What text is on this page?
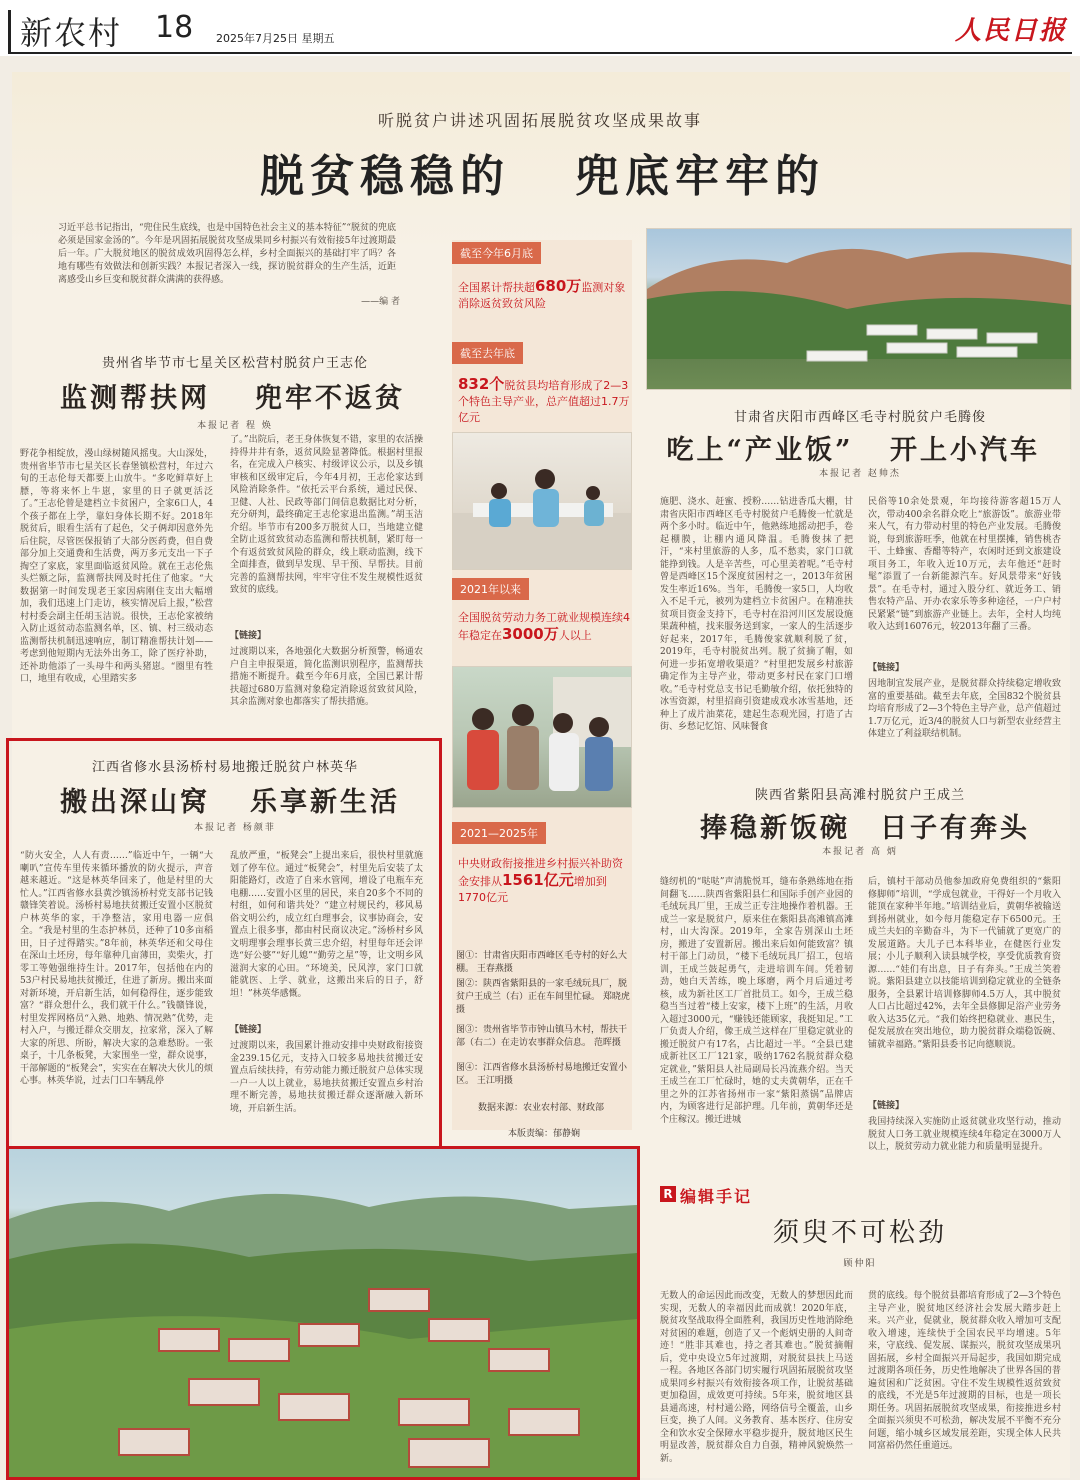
新农村 18 2025年7月25日 星期五	人民日报
听脱贫户讲述巩固拓展脱贫攻坚成果故事
脱贫稳稳的	兜底牢牢的
习近平总书记指出，“兜住民生底线，也是中国特色社会主义的基本特征”“脱贫的兜底必须是国家金汤的”。今年是巩固拓展脱贫攻坚成果同乡村振兴有效衔接5年过渡期最后一年。广大脱贫地区的脱贫成效巩固得怎么样，乡村全面振兴的基础打牢了吗？各地有哪些有效做法和创新实践？本报记者深入一线，探访脱贫群众的生产生活，近距离感受山乡巨变和脱贫群众满满的获得感。
——编 者
贵州省毕节市七星关区松营村脱贫户王志伦
监测帮扶网	兜牢不返贫
本报记者 程 焕
野花争相绽放，漫山绿树随风摇曳。大山深处，贵州省毕节市七星关区长春堡镇松营村，年过六旬的王志伦每天都要上山放牛。“多吃鲜草好上膘，等将来怀上牛崽，家里的日子就更活泛了。”王志伦曾是建档立卡贫困户，全家6口人，4个孩子都在上学，靠妇身体长期不好。2018年脱贫后，眼看生活有了起色，父子俩却因意外先后住院，尽管医保报销了大部分医药费，但自费部分加上交通费和生活费，两万多元支出一下子掏空了家底，家里面临返贫风险。就在王志伦焦头烂额之际，监测帮扶网及时托住了他家。“大数据第一时间发现老王家因病刚住支出大幅增加，我们迅速上门走访，核实情况后上报，”松营村村委会副主任胡玉洁说。很快，王志伦家被纳入防止返贫动态监测名单，区、镇、村三级动态监测帮扶机制迅速响应，制订精准帮扶计划——考虑到他短期内无法外出务工，除了医疗补助，还补助他添了一头母牛和两头猪崽。“圈里有牲口，地里有收成，心里踏实多
了。”出院后，老王身体恢复不错，家里的农活操持得井井有条，返贫风险显著降低。根据村里报名，在完成入户核实、村级评议公示，以及乡镇审核和区级审定后，今年4月初，王志伦家达到风险消除条件。“依托云平台系统，通过民保、卫健、人社、民政等部门间信息数据比对分析，充分研判，最终确定王志伦家退出监测。”胡玉洁介绍。毕节市有200多万脱贫人口，当地建立健全防止返贫致贫动态监测和帮扶机制，紧盯每一个有返贫致贫风险的群众，线上联动监测，线下全面排查，做到早发现、早干预、早帮扶。目前完善的监测帮扶网，牢牢守住不发生规模性返贫致贫的底线。
【链接】
过渡期以来，各地强化大数据分析预警，畅通农户自主申报渠道，简化监测识别程序，监测帮扶措施不断提升。截至今年6月底，全国已累计帮扶超过680万监测对象稳定消除返贫致贫风险，其余监测对象也都落实了帮扶措施。
江西省修水县汤桥村易地搬迁脱贫户林英华
搬出深山窝	乐享新生活
本报记者 杨颜菲
“防火安全，人人有责……”临近中午，一辆“大喇叭”宣传车里传来循环播放的防火提示，声音越来越近。“这是林英华回来了，他是村里的大忙人。”江西省修水县黄沙镇汤桥村党支部书记钱赣锋笑着说。汤桥村易地扶贫搬迁安置小区脱贫户林英华的家，干净整洁，家用电器一应俱全。“我是村里的生态护林员，还种了10多亩稻田，日子过得踏实。”8年前，林英华还和父母住在深山土坯房，每年靠种几亩薄田，卖柴火，打零工等勉强维持生计。2017年，包括他在内的53户村民易地扶贫搬迁，住进了新房。搬出来面对新环境，开启新生活，如何稳得住，逐步能致富？“群众想什么，我们就干什么。”钱赣锋说，村里发挥网格员“入熟、地熟、情况熟”优势，走村入户，与搬迁群众交朋友，拉家常，深入了解大家的所思、所盼，解决大家的急难愁盼。一张桌子，十几条板凳，大家围坐一堂，群众说事，干部解题的“板凳会”，实实在在解决大伙儿的烦心事。林英华说，过去门口车辆乱停
乱放严重，“板凳会”上提出来后，很快村里就施划了停车位。通过“板凳会”，村里先后安装了太阳能路灯，改造了自来水管网，增设了电瓶车充电棚……安置小区里的居民，来自20多个不同的村组，如何和谐共处？“建立村规民约，移风易俗文明公约，成立红白理事会，议事协商会，安置点上很多事，都由村民商议决定。”汤桥村乡风文明理事会理事长黄三忠介绍，村里每年还会评选“好公婆”“好儿媳”“勤劳之星”等，让文明乡风滋润大家的心田。“环境美，民风淳，家门口就能就医、上学、就业，这搬出来后的日子，舒坦！”林英华感慨。
【链接】
过渡期以来，我国累计推动安排中央财政衔接资金239.15亿元，支持入口较多易地扶贫搬迁安置点后续扶持，有劳动能力搬迁脱贫户总体实现一户一人以上就业，易地扶贫搬迁安置点乡村治理不断完善，易地扶贫搬迁群众逐渐融入新环境，开启新生活。
截至今年6月底
全国累计帮扶超680万监测对象消除返贫致贫风险
截至去年底
832个脱贫县均培育形成了2—3个特色主导产业，总产值超过1.7万亿元
2021年以来
全国脱贫劳动力务工就业规模连续4年稳定在3000万人以上
2021—2025年
中央财政衔接推进乡村振兴补助资金安排从1561亿元增加到1770亿元
图①：甘肃省庆阳市西峰区毛寺村的好么大棚。 王春燕摄
图②：陕西省紫阳县的一家毛绒玩具厂，脱贫户王成兰（右）正在车间里忙碌。 郑晓虎摄
图③：贵州省毕节市钟山镇马木村，帮扶干部（右二）在走访农事群众信息。 范晖摄
图④：江西省修水县汤桥村易地搬迁安置小区。 王江明摄
数据来源：农业农村部、财政部
本版责编：郁静娴
甘肃省庆阳市西峰区毛寺村脱贫户毛腾俊
吃上“产业饭”	开上小汽车
本报记者 赵帅杰
施肥、浇水、赶蜜、授粉……钻进香瓜大棚，甘肃省庆阳市西峰区毛寺村脱贫户毛腾俊一忙就是两个多小时。临近中午，他熟练地摇动把手，卷起棚膜，让棚内通风降温。毛腾俊抹了把汗，“来村里旅游的人多，瓜不愁卖，家门口就能挣到钱。人是辛苦些，可心里美着呢。”毛寺村曾是西峰区15个深度贫困村之一，2013年贫困发生率近16%。当年，毛腾俊一家5口，人均收入不足千元，被列为建档立卡贫困户。在精准扶贫项目资金支持下，毛寺村在沿河川区发展设施果蔬种植，找来服务送到家，一家人的生活逐步好起来，2017年，毛腾俊家就顺利脱了贫，2019年，毛寺村脱贫出列。脱了贫摘了帽，如何进一步拓宽增收渠道？“村里把发展乡村旅游确定作为主导产业，带动更多村民在家门口增收。”毛寺村党总支书记毛勤敏介绍，依托独特的冰雪资源，村里招商引资建成戏水冰雪基地，还种上了成片油菜花，建起生态观光园，打造了古街、乡愁记忆馆、风味餐食
民俗等10余处景观，年均接待游客超15万人次，带动400余名群众吃上“旅游饭”。旅游业带来人气，有力带动村里的特色产业发展。毛腾俊说，每到旅游旺季，他就在村里摆摊，销售桃杏干、土蜂蜜、香醋等特产，农闲时还到文旅建设项目务工，年收入近10万元，去年他还“赶时髦”添置了一台新能源汽车。好风景带来“好钱景”。在毛寺村，通过入股分红、就近务工、销售农特产品、开办农家乐等多种途径，一户户村民紧紧“链”到旅游产业链上。去年，全村人均纯收入达到16076元，较2013年翻了三番。
【链接】
因地制宜发展产业，是脱贫群众持续稳定增收致富的重要基础。截至去年底，全国832个脱贫县均培育形成了2—3个特色主导产业，总产值超过1.7万亿元，近3/4的脱贫人口与新型农业经营主体建立了利益联结机制。
陕西省紫阳县高滩村脱贫户王成兰
捧稳新饭碗	日子有奔头
本报记者 高 炳
缝纫机的“哒哒”声清脆悦耳，缝布条熟练地在指间翻飞……陕西省紫阳县仁和国际手创产业园的毛绒玩具厂里，王成兰正专注地操作着机器。王成兰一家是脱贫户，原来住在紫阳县高滩镇高滩村，山大沟深。2019年，全家告别深山土坯房，搬进了安置新居。搬出来后如何能致富？镇村干部上门动员，“楼下毛绒玩具厂招工，包培训，王成兰鼓起勇气，走进培训车间。凭着韧劲，她白天苦练，晚上琢磨，两个月后通过考核，成为新社区工厂首批员工。如今，王成兰稳稳当当过着“楼上安家，楼下上班”的生活，月收入超过3000元，“赚钱还能顾家，我挺知足。”工厂负责人介绍，像王成兰这样在厂里稳定就业的搬迁脱贫户有17名，占比超过一半。“全县已建成新社区工厂121家，吸纳1762名脱贫群众稳定就业，”紫阳县人社局副局长冯流燕介绍。当天王成兰在工厂忙碌时，她的丈夫黄朝华，正在千里之外的江苏省扬州市一家“紫阳蒸锅”品牌店内，为顾客进行足部护理。几年前，黄朝华还是个庄稼汉。搬迁进城
后，镇村干部动员他参加政府免费组织的“紫阳修脚师”培训，“学成包就业，干得好一个月收入能顶在家种半年地。”培训结业后，黄朝华被输送到扬州就业，如今每月能稳定存下6500元。王成兰夫妇的辛勤奋斗，为下一代铺就了更宽广的发展道路。大儿子已本科毕业，在健医行业发展；小儿子顺利入读县城学校，享受优质教育资源……“娃们有出息，日子有奔头。”王成兰笑着说。紫阳县建立以技能培训到稳定就业的全链条服务，全县累计培训修脚师4.5万人，其中脱贫人口占比超过42%，去年全县修脚足浴产业劳务收入达35亿元。“我们始终把稳就业、惠民生，促发展放在突出地位，助力脱贫群众端稳饭碗、铺就幸福路。”紫阳县委书记向德顺说。
【链接】
我国持续深入实施防止返贫就业攻坚行动，推动脱贫人口务工就业规模连续4年稳定在3000万人以上，脱贫劳动力就业能力和质量明显提升。
R 编辑手记
须臾不可松劲
顾仲阳
无数人的命运因此而改变，无数人的梦想因此而实现，无数人的幸福因此而成就！2020年底，脱贫攻坚战取得全面胜利，我国历史性地消除绝对贫困的难题，创造了又一个彪炳史册的人间奇迹！“胜非其难也，持之者其难也。”脱贫摘帽后，党中央设立5年过渡期，对脱贫县扶上马送一程。各地区各部门切实履行巩固拓展脱贫攻坚成果同乡村振兴有效衔接各项工作，让脱贫基础更加稳固，成效更可持续。5年来，脱贫地区县县通高速，村村通公路，网络信号全覆盖，山乡巨变，换了人间。义务教育、基本医疗、住房安全和饮水安全保障水平稳步提升，脱贫地区民生明显改善，脱贫群众自力自强，精神风貌焕然一新。
贯的底线。每个脱贫县都培育形成了2—3个特色主导产业，脱贫地区经济社会发展大踏步赶上来。兴产业，促就业，脱贫群众收入增加可支配收入增速，连续快于全国农民平均增速。5年来，守底线、促发展、谋振兴，脱贫攻坚成果巩固拓展，乡村全面振兴开局起步，我国如期完成过渡期各项任务，历史性地解决了世界各国的普遍贫困和广泛贫困。守住不发生规模性返贫致贫的底线，不光是5年过渡期的目标，也是一项长期任务。巩固拓展脱贫攻坚成果，衔接推进乡村全面振兴须臾不可松劲，解决发展不平衡不充分问题，缩小城乡区域发展差距，实现全体人民共同富裕仍然任重道远。
